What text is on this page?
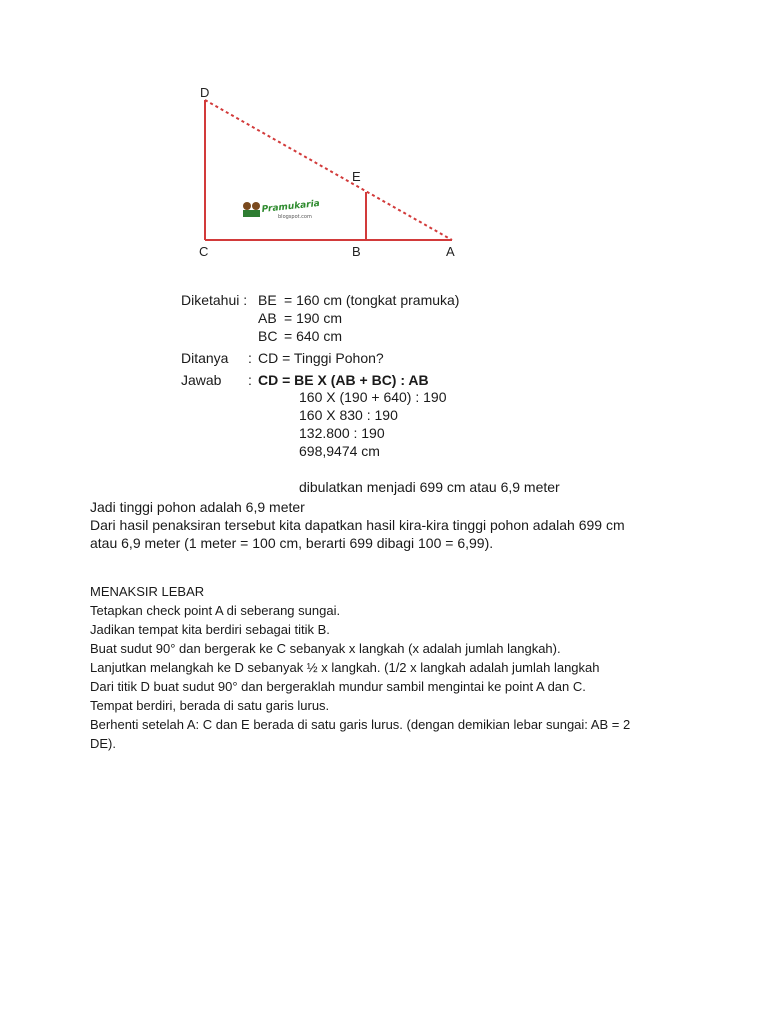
D
E
C	B	A
Pramukaria
blogspot.com
Diketahui : BE = 160 cm (tongkat pramuka)
AB = 190 cm
BC = 640 cm
Ditanya : CD = Tinggi Pohon?
Jawab : CD = BE X (AB + BC) : AB
160 X (190 + 640) : 190
160 X 830 : 190
132.800 : 190
698,9474 cm
dibulatkan menjadi 699 cm atau 6,9 meter
Jadi tinggi pohon adalah 6,9 meter
Dari hasil penaksiran tersebut kita dapatkan hasil kira-kira tinggi pohon adalah 699 cm
atau 6,9 meter (1 meter = 100 cm, berarti 699 dibagi 100 = 6,99).
MENAKSIR LEBAR
Tetapkan check point A di seberang sungai.
Jadikan tempat kita berdiri sebagai titik B.
Buat sudut 90° dan bergerak ke C sebanyak x langkah (x adalah jumlah langkah).
Lanjutkan melangkah ke D sebanyak ½ x langkah. (1/2 x langkah adalah jumlah langkah
Dari titik D buat sudut 90° dan bergeraklah mundur sambil mengintai ke point A dan C.
Tempat berdiri, berada di satu garis lurus.
Berhenti setelah A: C dan E berada di satu garis lurus. (dengan demikian lebar sungai: AB = 2
DE).
